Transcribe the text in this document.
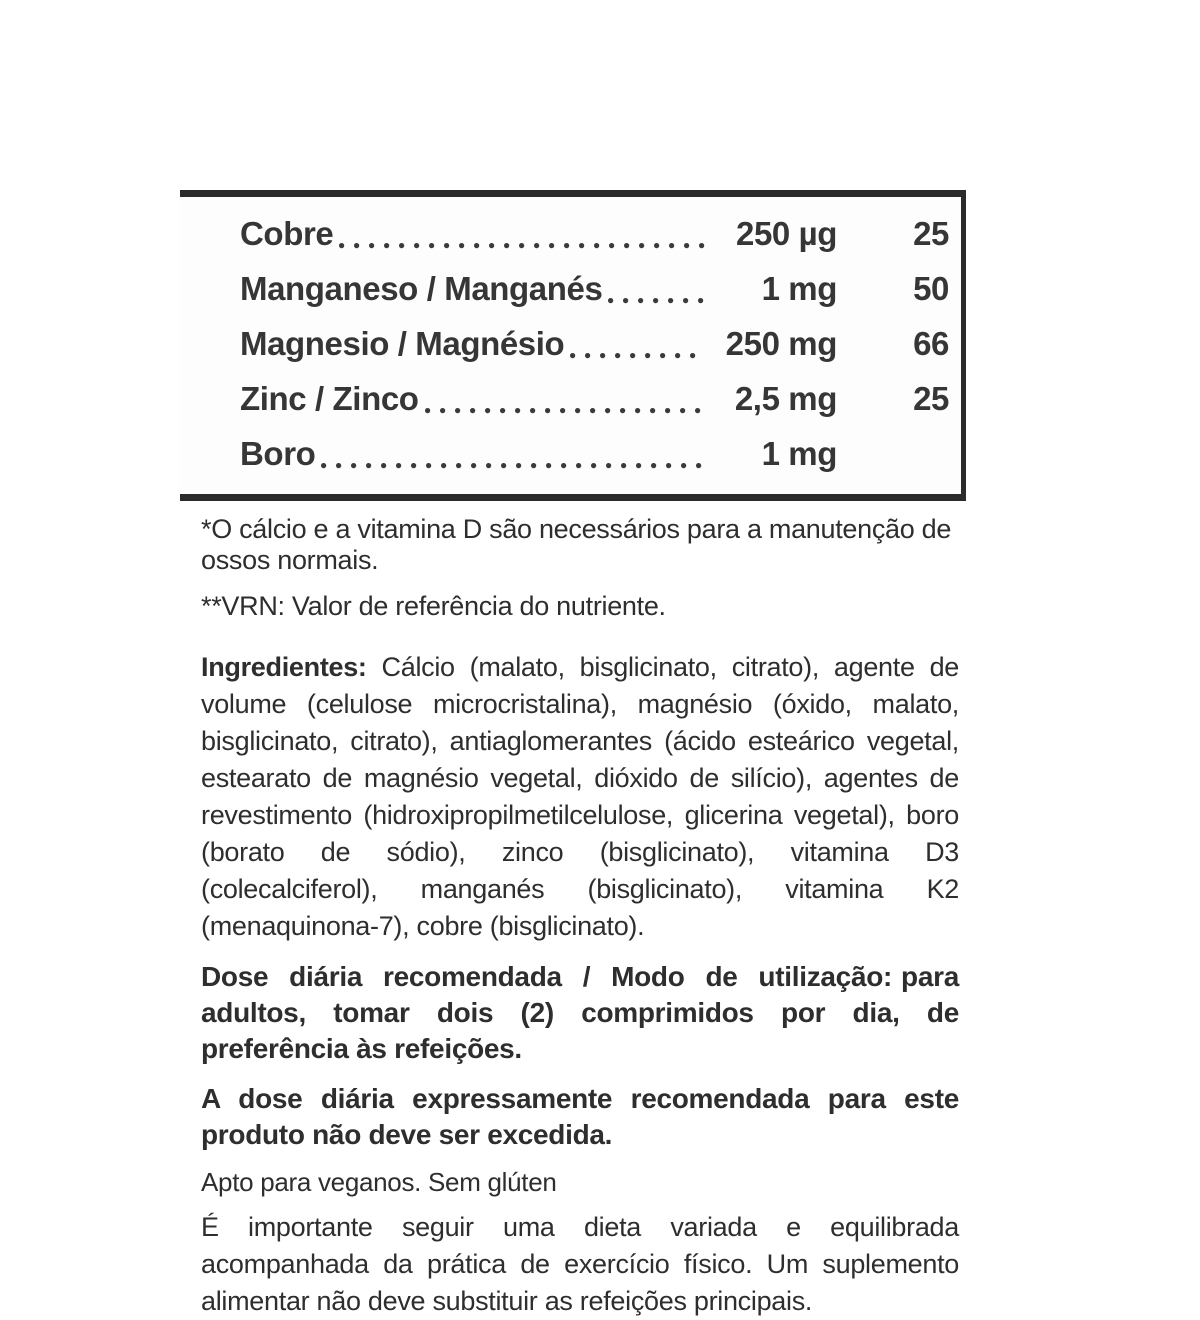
Cobre	250 µg	25
Manganeso / Manganés	1 mg	50
Magnesio / Magnésio	250 mg	66
Zinc / Zinco	2,5 mg	25
Boro	1 mg

*O cálcio e a vitamina D são necessários para a manutenção de ossos normais.

**VRN: Valor de referência do nutriente.

Ingredientes: Cálcio (malato, bisglicinato, citrato), agente de volume (celulose microcristalina), magnésio (óxido, malato, bisglicinato, citrato), antiaglomerantes (ácido esteárico vegetal, estearato de magnésio vegetal, dióxido de silício), agentes de revestimento (hidroxipropilmetilcelulose, glicerina vegetal), boro (borato de sódio), zinco (bisglicinato), vitamina D3 (colecalciferol), manganés (bisglicinato), vitamina K2 (menaquinona-7), cobre (bisglicinato).

Dose diária recomendada / Modo de utilização: para adultos, tomar dois (2) comprimidos por dia, de preferência às refeições.

A dose diária expressamente recomendada para este produto não deve ser excedida.

Apto para veganos. Sem glúten

É importante seguir uma dieta variada e equilibrada acompanhada da prática de exercício físico. Um suplemento alimentar não deve substituir as refeições principais.
